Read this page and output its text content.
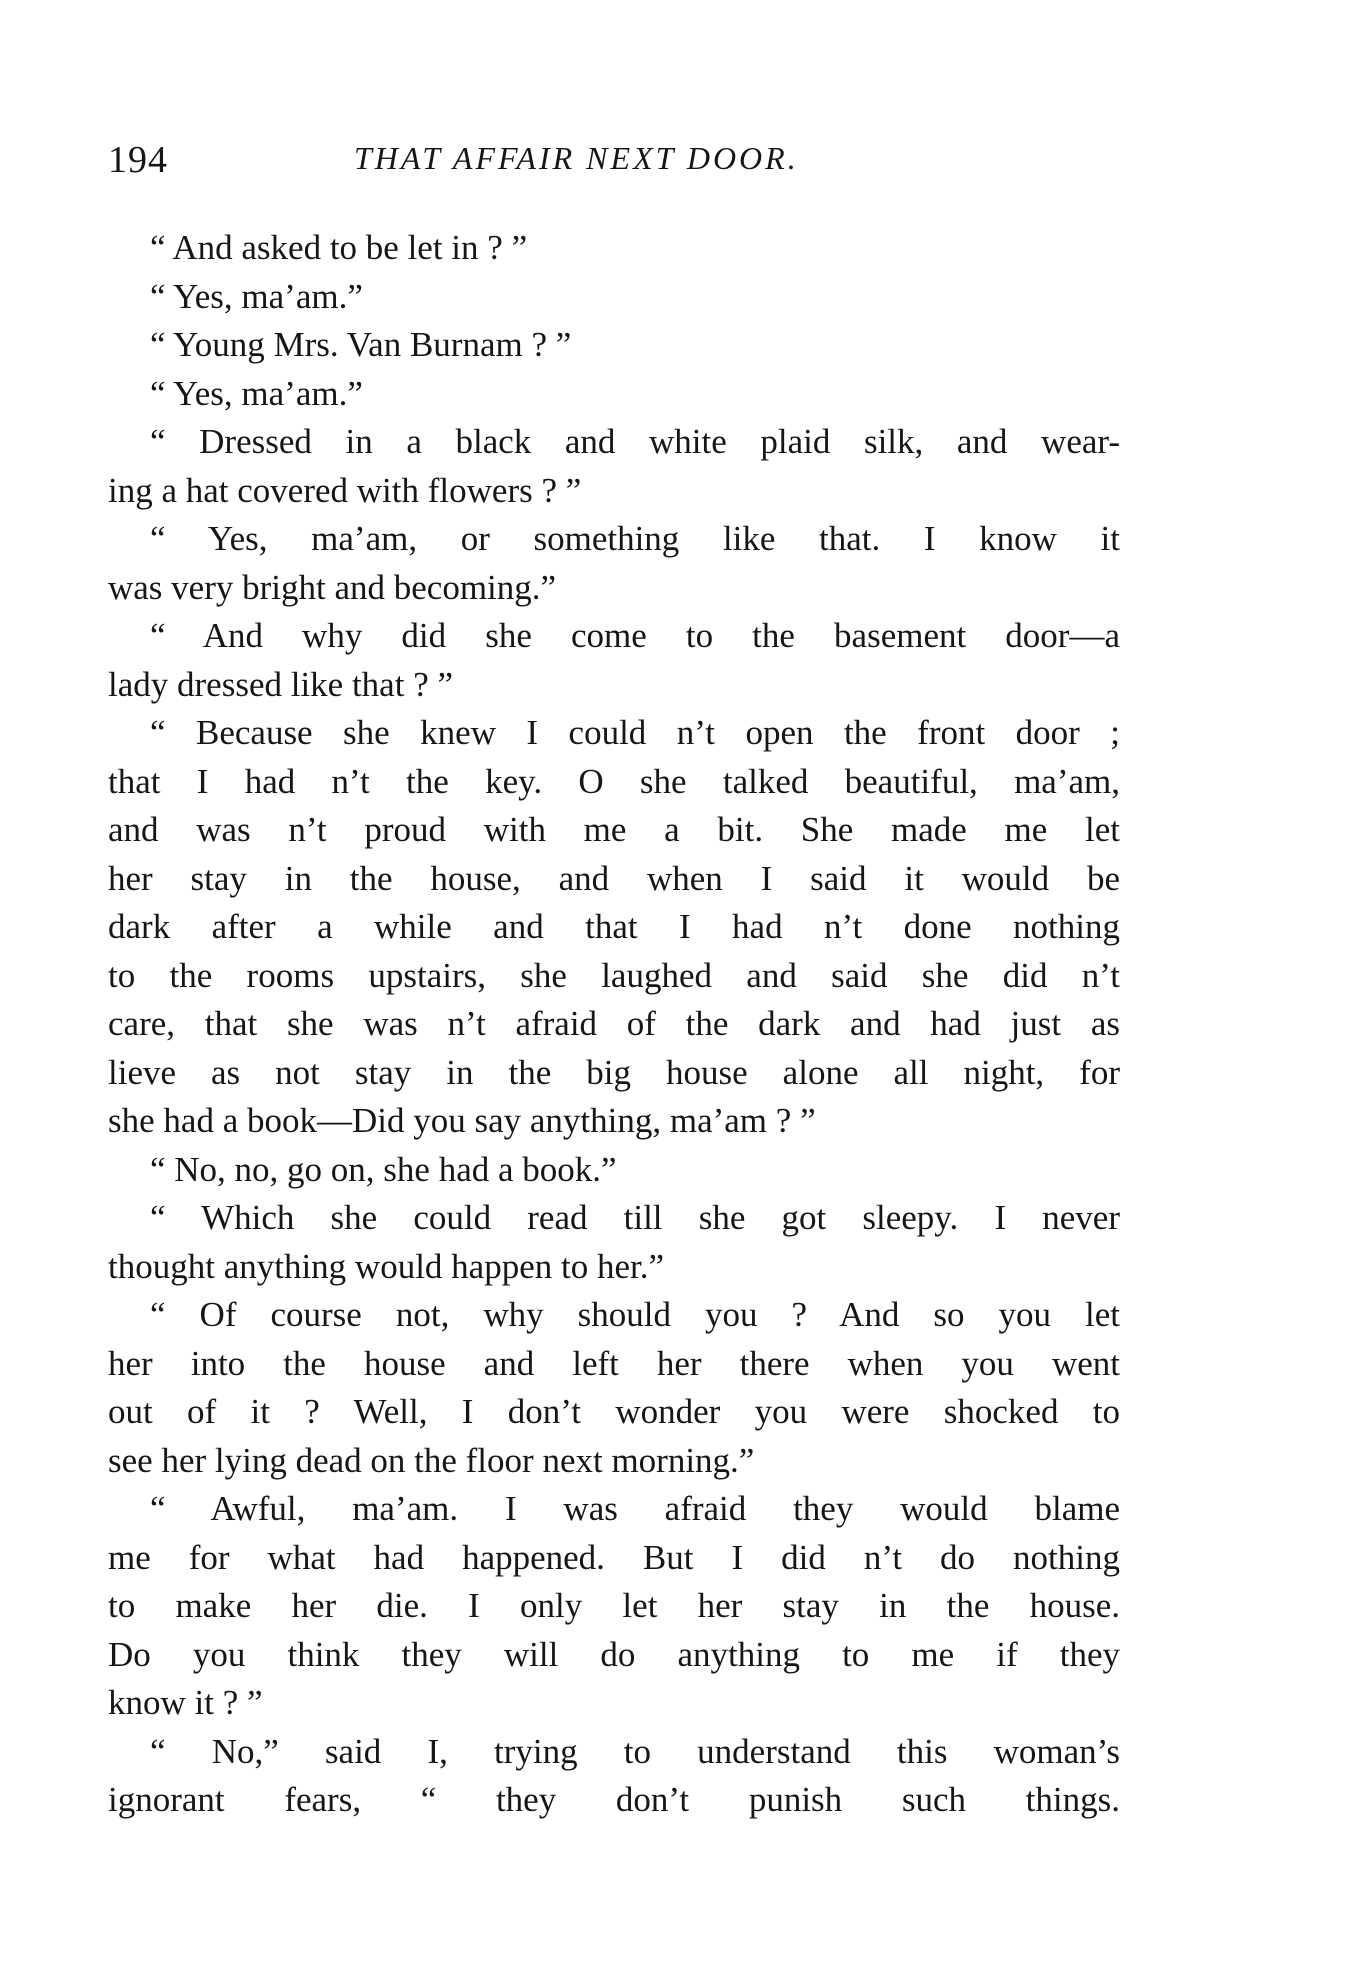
194	THAT AFFAIR NEXT DOOR.
“ And asked to be let in ? ”
“ Yes, ma’am.”
“ Young Mrs. Van Burnam ? ”
“ Yes, ma’am.”
“ Dressed in a black and white plaid silk, and wear-
ing a hat covered with flowers ? ”
“ Yes, ma’am, or something like that. I know it
was very bright and becoming.”
“ And why did she come to the basement door—a
lady dressed like that ? ”
“ Because she knew I could n’t open the front door ;
that I had n’t the key. O she talked beautiful, ma’am,
and was n’t proud with me a bit. She made me let
her stay in the house, and when I said it would be
dark after a while and that I had n’t done nothing
to the rooms upstairs, she laughed and said she did n’t
care, that she was n’t afraid of the dark and had just as
lieve as not stay in the big house alone all night, for
she had a book—Did you say anything, ma’am ? ”
“ No, no, go on, she had a book.”
“ Which she could read till she got sleepy. I never
thought anything would happen to her.”
“ Of course not, why should you ? And so you let
her into the house and left her there when you went
out of it ? Well, I don’t wonder you were shocked to
see her lying dead on the floor next morning.”
“ Awful, ma’am. I was afraid they would blame
me for what had happened. But I did n’t do nothing
to make her die. I only let her stay in the house.
Do you think they will do anything to me if they
know it ? ”
“ No,” said I, trying to understand this woman’s
ignorant fears, “ they don’t punish such things.
